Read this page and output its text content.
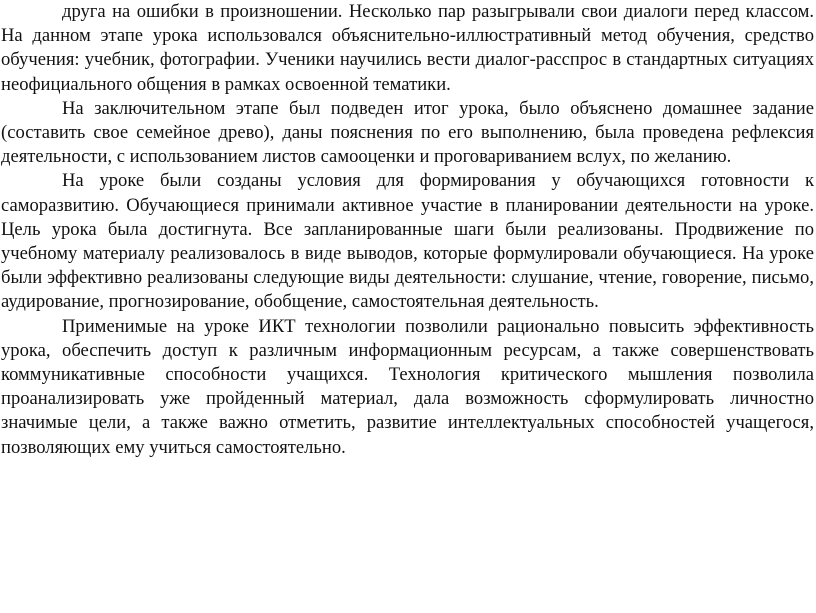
друга на ошибки в произношении. Несколько пар разыгрывали свои диалоги перед классом. На данном этапе урока использовался объяснительно-иллюстративный метод обучения, средство обучения: учебник, фотографии. Ученики научились вести диалог-расспрос в стандартных ситуациях неофициального общения в рамках освоенной тематики.

На заключительном этапе был подведен итог урока, было объяснено домашнее задание (составить свое семейное древо), даны пояснения по его выполнению, была проведена рефлексия деятельности, с использованием листов самооценки и проговариванием вслух, по желанию.

На уроке были созданы условия для формирования у обучающихся готовности к саморазвитию. Обучающиеся принимали активное участие в планировании деятельности на уроке. Цель урока была достигнута. Все запланированные шаги были реализованы. Продвижение по учебному материалу реализовалось в виде выводов, которые формулировали обучающиеся. На уроке были эффективно реализованы следующие виды деятельности: слушание, чтение, говорение, письмо, аудирование, прогнозирование, обобщение, самостоятельная деятельность.

Применимые на уроке ИКТ технологии позволили рационально повысить эффективность урока, обеспечить доступ к различным информационным ресурсам, а также совершенствовать коммуникативные способности учащихся. Технология критического мышления позволила проанализировать уже пройденный материал, дала возможность сформулировать личностно значимые цели, а также важно отметить, развитие интеллектуальных способностей учащегося, позволяющих ему учиться самостоятельно.
